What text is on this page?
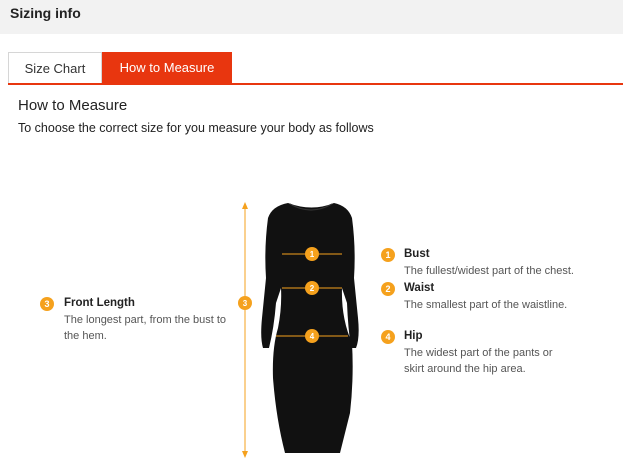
Sizing info
Size Chart	How to Measure
How to Measure
To choose the correct size for you measure your body as follows
1
2
4
3
3	Front Length
The longest part, from the bust to
the hem.
1	Bust
The fullest/widest part of the chest.
2	Waist
The smallest part of the waistline.
4	Hip
The widest part of the pants or
skirt around the hip area.
